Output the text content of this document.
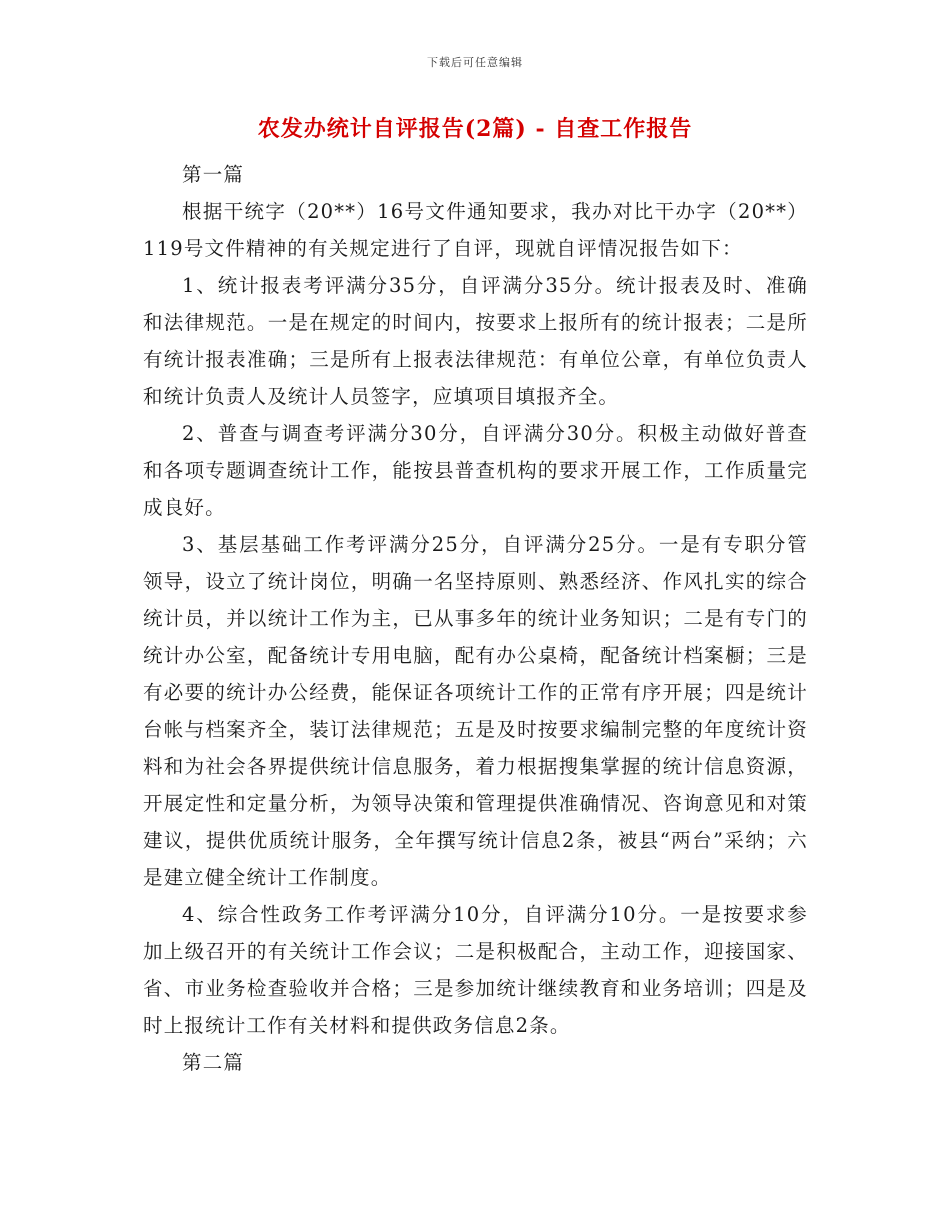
下载后可任意编辑
农发办统计自评报告(2篇) - 自查工作报告

第一篇

根据干统字（20**）16号文件通知要求，我办对比干办字（20**）119号文件精神的有关规定进行了自评，现就自评情况报告如下：

1、统计报表考评满分35分，自评满分35分。统计报表及时、准确和法律规范。一是在规定的时间内，按要求上报所有的统计报表；二是所有统计报表准确；三是所有上报表法律规范：有单位公章，有单位负责人和统计负责人及统计人员签字，应填项目填报齐全。

2、普查与调查考评满分30分，自评满分30分。积极主动做好普查和各项专题调查统计工作，能按县普查机构的要求开展工作，工作质量完成良好。

3、基层基础工作考评满分25分，自评满分25分。一是有专职分管领导，设立了统计岗位，明确一名坚持原则、熟悉经济、作风扎实的综合统计员，并以统计工作为主，已从事多年的统计业务知识；二是有专门的统计办公室，配备统计专用电脑，配有办公桌椅，配备统计档案橱；三是有必要的统计办公经费，能保证各项统计工作的正常有序开展；四是统计台帐与档案齐全，装订法律规范；五是及时按要求编制完整的年度统计资料和为社会各界提供统计信息服务，着力根据搜集掌握的统计信息资源，开展定性和定量分析，为领导决策和管理提供准确情况、咨询意见和对策建议，提供优质统计服务，全年撰写统计信息2条，被县“两台”采纳；六是建立健全统计工作制度。

4、综合性政务工作考评满分10分，自评满分10分。一是按要求参加上级召开的有关统计工作会议；二是积极配合，主动工作，迎接国家、省、市业务检查验收并合格；三是参加统计继续教育和业务培训；四是及时上报统计工作有关材料和提供政务信息2条。

第二篇
